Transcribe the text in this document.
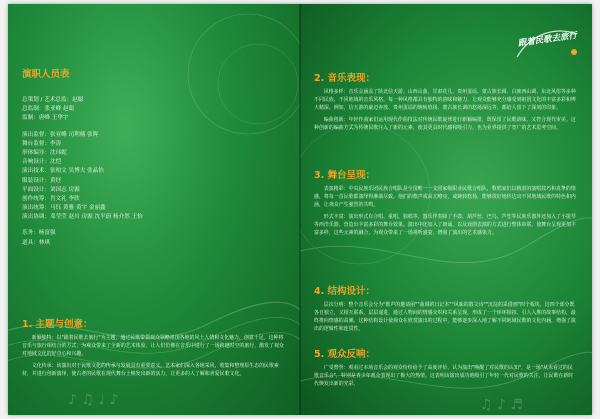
♪ ♫ ♩ ♪
演职人员表
总策划 / 艺术总监：赵聪
总监制：张亚峰 赵聪
监制：唐峰 王华宇
演出监督：张亚峰 司利楠 张晖
舞台监督：李涛
形体编导：沈玮妮
音响设计：沈恺
演出技术：张柏文 吴博夫 张晶怡
服装设计：黄纾
平面设计：刘国志 房源
创作统筹：肖文礼 李欣
演出统筹：马钰 黄雅 黄宇 金丽鑫
演出协调：邓莹莹 赵川 房源 沈平蔚 杨介然 王怡
乐务：杨富强
道具：林琪
1. 主题与创意：

新颖独特：以"跟着民歌去旅行"为主题，通过民歌带领观众领略祖国各地的风土人情和文化魅力，创意十足。这种将音乐与旅行相结合的方式，为观众带来了全新的艺术体验，让人们仿佛在音乐中进行了一场跨越时空的旅行，激发了观众对地域文化的好奇心和兴趣。

文化传承：该演出对于民歌文化的传承与发展具有重要意义。艺术家们深入各地采风，收集和整理原生态的民歌素材，并进行创新演绎，使古老的民歌在现代舞台上焕发出新的活力，让更多的人了解和喜爱民歌文化。

♫ ♪ ♬
跟着民歌去旅行
2. 音乐表现：

风格多样：音乐会涵盖了陕北信天游、山西山曲、甘肃花儿、贵州蛋谣、蒙古族长调、白族西山调、东北风俗等多种不同民族、不同地域的音乐风格。每一种风格都具有独特的韵味和魅力，让观众能够充分感受到祖国文化的丰富多彩和博大精深。例如，信天游的豪迈奔放、贵州蛋谣的婉转悠扬、蒙古族长调的悠扬深远等，都给人留下了深刻的印象。

编曲创新：年轻作曲家们运用现代作曲技法对传统民歌旋律进行新颖编排，既保留了民歌韵味，又符合现代审美。这种创新的编曲方式为传统民歌注入了新的元素，使其更具时代感和吸引力，也为业界提供了宽广的艺术思考空间。

3. 舞台呈现：

表演精彩：中央民族乐团民族合唱队是全国唯一一支国家级职业民歌合唱队，歌唱家们以精湛的演唱技巧和真挚的情感，将每一首民歌都演绎得淋漓尽致。他们的歌声或高亢嘹亮，或婉转悠扬，能够很好地传达出不同地域民歌的特色和内涵，让观众产生强烈的共鸣。

形式丰富：演出形式有合唱、重唱、独唱等，器乐伴奏除了手鼓、葫芦丝、巴乌、芦笙等民族乐器外还加入了小提琴等西洋乐器，营造出丰富多彩的舞台效果。演出中还加入了朗诵、以及戏剧表演的方式进行整体串联，使舞台呈现更加丰富多样，这些元素的融合，为观众带来了一场视听盛宴，增强了演出的艺术感染力。

4. 结构设计：

层次分明：整个音乐会分为"歌声的邀请函""曲调的日记本""风味的散文诗""沉淀的采借画"四个板块，这四个部分既各自独立，又相互联系。层层递进，通过人物间的情感交织和关系呈现，形成了一个环环相扣、引人入胜的故事结构，最终推向情感的高潮。这种结构设计使观众在欣赏演出的过程中，能够逐步深入地了解不同地域民歌的文化内涵，增强了演出的逻辑性和连贯性。

5. 观众反响：

广受赞誉：观看过本场音乐会的观众纷纷给予了高度评价，认为演出"唤醒了对民歌的认知"，是一场"从未看过的民歌音乐会"，特别是青少年观众表现出了极大的热情。这表明该演出成功地吸引了年轻一代对民歌的关注，让民歌在新时代焕发出新的光彩。
